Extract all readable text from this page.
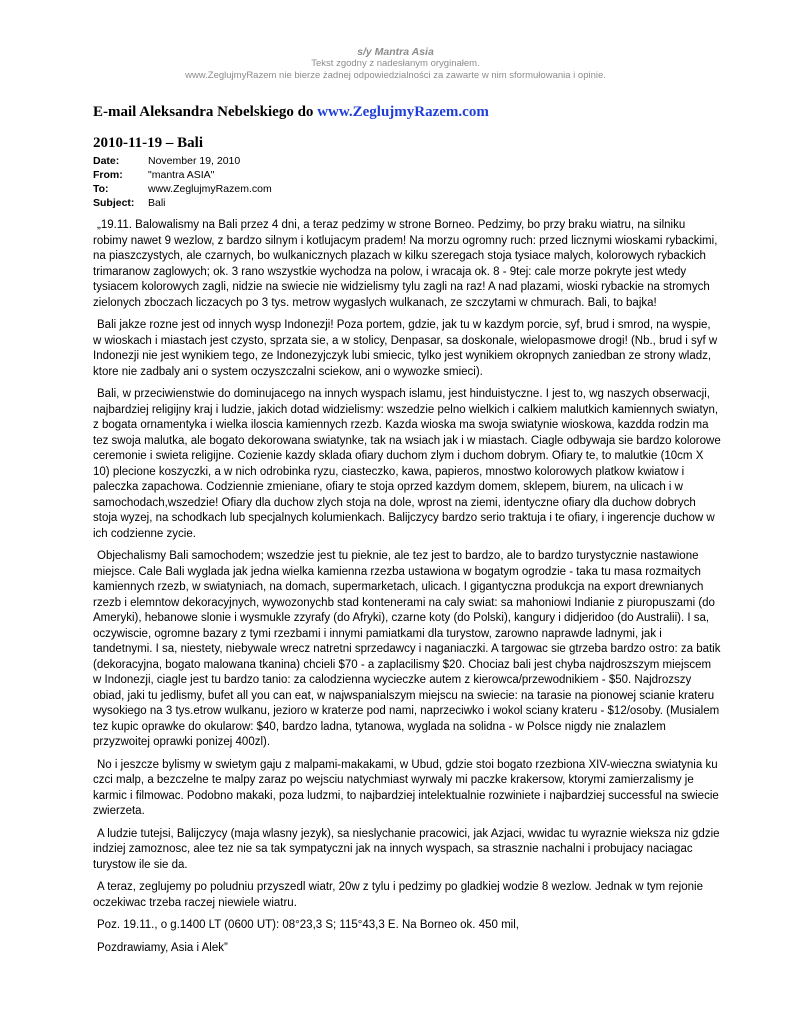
s/y Mantra Asia
Tekst zgodny z nadesłanym oryginałem.
www.ZeglujmyRazem nie bierze żadnej odpowiedzialności za zawarte w nim sformułowania i opinie.
E-mail Aleksandra Nebelskiego do www.ZeglujmyRazem.com
2010-11-19 – Bali
Date:	November 19, 2010
From:	"mantra ASIA"
To:	www.ZeglujmyRazem.com
Subject:	Bali

„19.11. Balowalismy na Bali przez 4 dni, a teraz pedzimy w strone Borneo. Pedzimy, bo przy braku wiatru, na silniku robimy nawet 9 wezlow, z bardzo silnym i kotlujacym pradem! Na morzu ogromny ruch: przed licznymi wioskami rybackimi, na piaszczystych, ale czarnych, bo wulkanicznych plazach w kilku szeregach stoja tysiace malych, kolorowych rybackich trimaranow zaglowych; ok. 3 rano wszystkie wychodza na polow, i wracaja ok. 8 - 9tej: cale morze pokryte jest wtedy tysiacem kolorowych zagli, nidzie na swiecie nie widzielismy tylu zagli na raz! A nad plazami, wioski rybackie na stromych zielonych zboczach liczacych po 3 tys. metrow wygaslych wulkanach, ze szczytami w chmurach. Bali, to bajka!

Bali jakze rozne jest od innych wysp Indonezji! Poza portem, gdzie, jak tu w kazdym porcie, syf, brud i smrod, na wyspie, w wioskach i miastach jest czysto, sprzata sie, a w stolicy, Denpasar, sa doskonale, wielopasmowe drogi! (Nb., brud i syf w Indonezji nie jest wynikiem tego, ze Indonezyjczyk lubi smiecic, tylko jest wynikiem okropnych zaniedban ze strony wladz, ktore nie zadbaly ani o system oczyszczalni sciekow, ani o wywozke smieci).

Bali, w przeciwienstwie do dominujacego na innych wyspach islamu, jest hinduistyczne. I jest to, wg naszych obserwacji, najbardziej religijny kraj i ludzie, jakich dotad widzielismy: wszedzie pelno wielkich i calkiem malutkich kamiennych swiatyn, z bogata ornamentyka i wielka iloscia kamiennych rzezb. Kazda wioska ma swoja swiatynie wioskowa, kazdda rodzin ma tez swoja malutka, ale bogato dekorowana swiatynke, tak na wsiach jak i w miastach. Ciagle odbywaja sie bardzo kolorowe ceremonie i swieta religijne. Cozienie kazdy sklada ofiary duchom zlym i duchom dobrym. Ofiary te, to malutkie (10cm X 10) plecione koszyczki, a w nich odrobinka ryzu, ciasteczko, kawa, papieros, mnostwo kolorowych platkow kwiatow i paleczka zapachowa. Codziennie zmieniane, ofiary te stoja oprzed kazdym domem, sklepem, biurem, na ulicach i w samochodach,wszedzie! Ofiary dla duchow zlych stoja na dole, wprost na ziemi, identyczne ofiary dla duchow dobrych stoja wyzej, na schodkach lub specjalnych kolumienkach. Balijczycy bardzo serio traktuja i te ofiary, i ingerencje duchow w ich codzienne zycie.

Objechalismy Bali samochodem; wszedzie jest tu pieknie, ale tez jest to bardzo, ale to bardzo turystycznie nastawione miejsce. Cale Bali wyglada jak jedna wielka kamienna rzezba ustawiona w bogatym ogrodzie - taka tu masa rozmaitych kamiennych rzezb, w swiatyniach, na domach, supermarketach, ulicach. I gigantyczna produkcja na export drewnianych rzezb i elemntow dekoracyjnych, wywozonychb stad kontenerami na caly swiat: sa mahoniowi Indianie z piuropuszami (do Ameryki), hebanowe slonie i wysmukle zzyrafy (do Afryki), czarne koty (do Polski), kangury i didjeridoo (do Australii). I sa, oczywiscie, ogromne bazary z tymi rzezbami i innymi pamiatkami dla turystow, zarowno naprawde ladnymi, jak i tandetnymi. I sa, niestety, niebywale wrecz natretni sprzedawcy i naganiaczki. A targowac sie gtrzeba bardzo ostro: za batik (dekoracyjna, bogato malowana tkanina) chcieli $70 - a zaplacilismy $20. Chociaz bali jest chyba najdroszszym miejscem w Indonezji, ciagle jest tu bardzo tanio: za calodzienna wycieczke autem z kierowca/przewodnikiem - $50. Najdrozszy obiad, jaki tu jedlismy, bufet all you can eat, w najwspanialszym miejscu na swiecie: na tarasie na pionowej scianie krateru wysokiego na 3 tys.etrow wulkanu, jezioro w kraterze pod nami, naprzeciwko i wokol sciany krateru - $12/osoby. (Musialem tez kupic oprawke do okularow: $40, bardzo ladna, tytanowa, wyglada na solidna - w Polsce nigdy nie znalazlem przyzwoitej oprawki ponizej 400zl).

No i jeszcze bylismy w swietym gaju z malpami-makakami, w Ubud, gdzie stoi bogato rzezbiona XIV-wieczna swiatynia ku czci malp, a bezczelne te malpy zaraz po wejsciu natychmiast wyrwaly mi paczke krakersow, ktorymi zamierzalismy je karmic i filmowac. Podobno makaki, poza ludzmi, to najbardziej intelektualnie rozwiniete i najbardziej successful na swiecie zwierzeta.

A ludzie tutejsi, Balijczycy (maja wlasny jezyk), sa nieslychanie pracowici, jak Azjaci, wwidac tu wyraznie wieksza niz gdzie indziej zamoznosc, alee tez nie sa tak sympatyczni jak na innych wyspach, sa strasznie nachalni i probujacy naciagac turystow ile sie da.

A teraz, zeglujemy po poludniu przyszedl wiatr, 20w z tylu i pedzimy po gladkiej wodzie 8 wezlow. Jednak w tym rejonie oczekiwac trzeba raczej niewiele wiatru.

Poz. 19.11., o g.1400 LT (0600 UT): 08°23,3 S; 115°43,3 E. Na Borneo ok. 450 mil,

Pozdrawiamy, Asia i Alek”
